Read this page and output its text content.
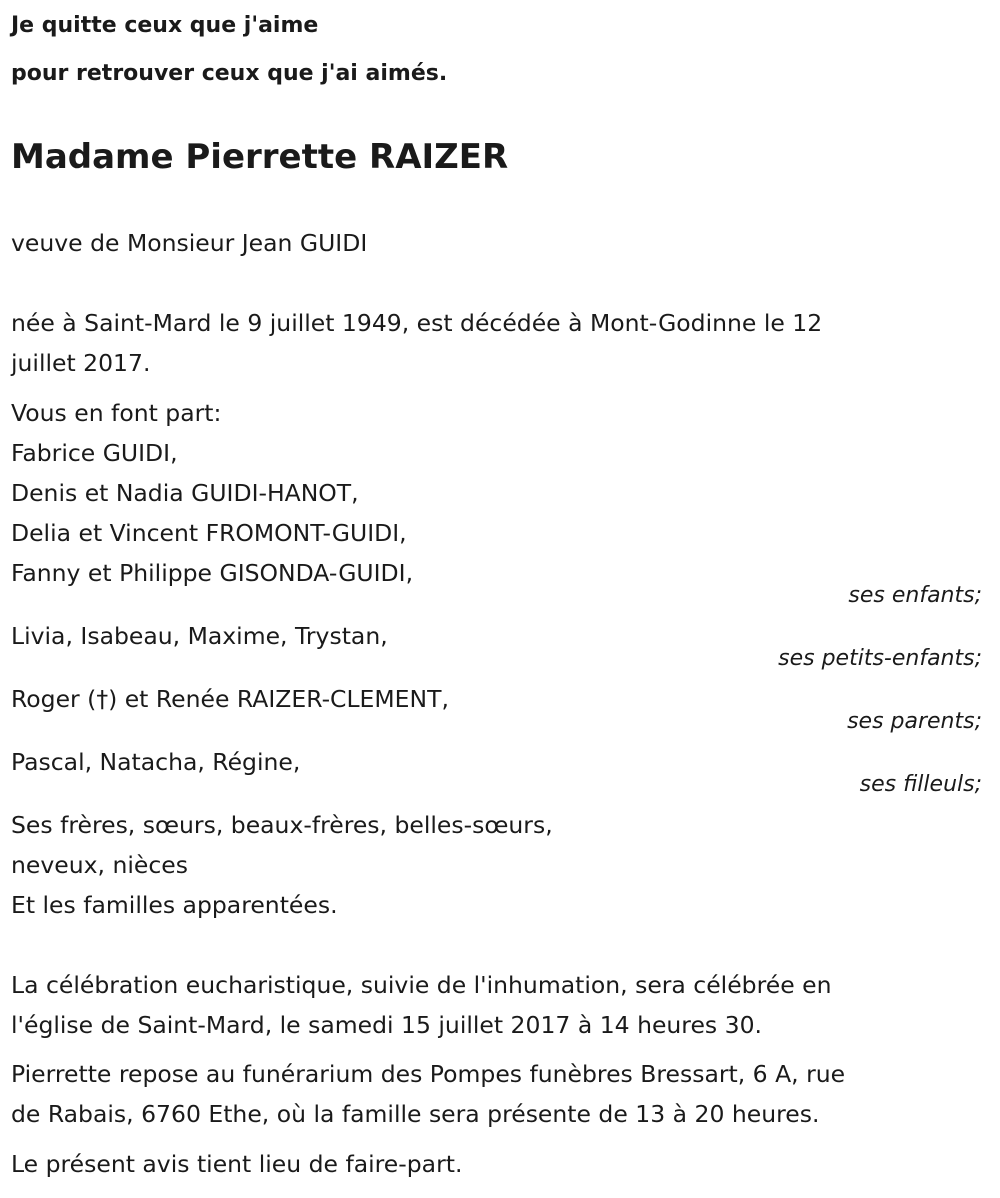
Je quitte ceux que j'aime

pour retrouver ceux que j'ai aimés.

Madame Pierrette RAIZER

veuve de Monsieur Jean GUIDI

née à Saint-Mard le 9 juillet 1949, est décédée à Mont-Godinne le 12

juillet 2017.

Vous en font part:

Fabrice GUIDI,

Denis et Nadia GUIDI-HANOT,

Delia et Vincent FROMONT-GUIDI,

Fanny et Philippe GISONDA-GUIDI,

ses enfants;

Livia, Isabeau, Maxime, Trystan,

ses petits-enfants;

Roger (†) et Renée RAIZER-CLEMENT,

ses parents;

Pascal, Natacha, Régine,

ses filleuls;

Ses frères, sœurs, beaux-frères, belles-sœurs,

neveux, nièces

Et les familles apparentées.

La célébration eucharistique, suivie de l'inhumation, sera célébrée en

l'église de Saint-Mard, le samedi 15 juillet 2017 à 14 heures 30.

Pierrette repose au funérarium des Pompes funèbres Bressart, 6 A, rue

de Rabais, 6760 Ethe, où la famille sera présente de 13 à 20 heures.

Le présent avis tient lieu de faire-part.
